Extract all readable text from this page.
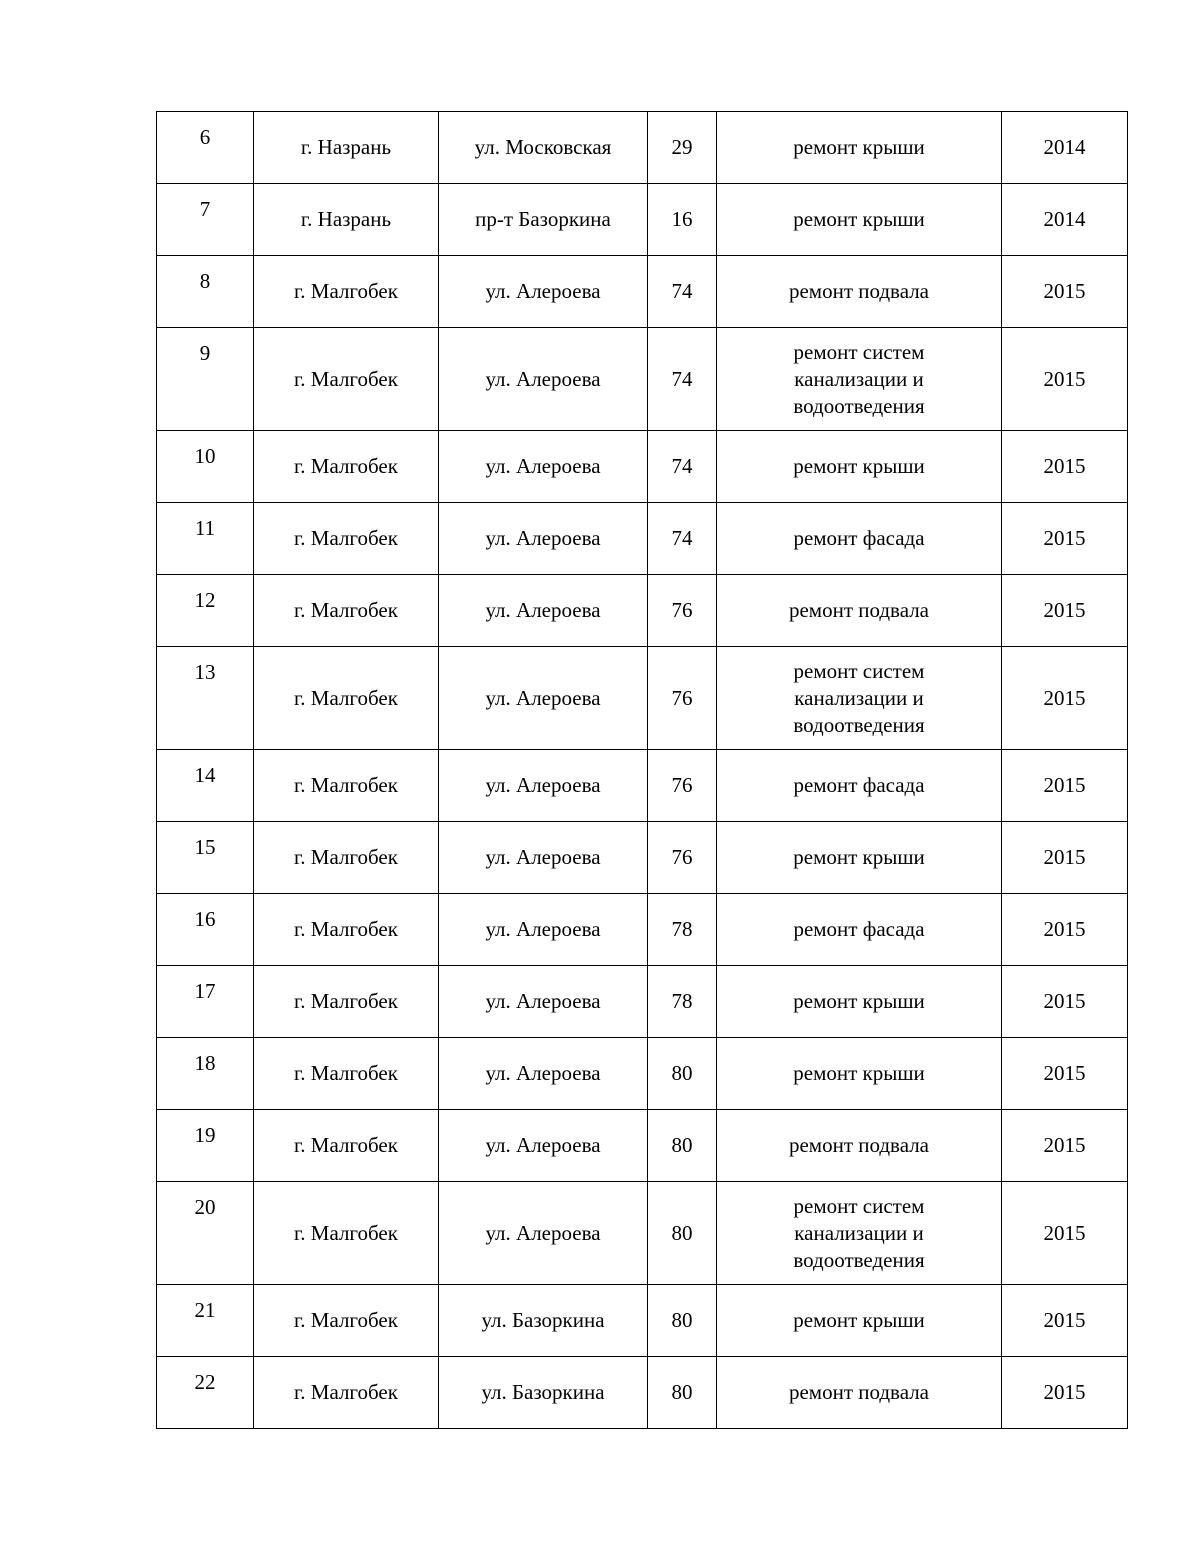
6	г. Назрань	ул. Московская	29	ремонт крыши	2014
7	г. Назрань	пр-т Базоркина	16	ремонт крыши	2014
8	г. Малгобек	ул. Алероева	74	ремонт подвала	2015
9	г. Малгобек	ул. Алероева	74	ремонт систем
канализации и
водоотведения	2015
10	г. Малгобек	ул. Алероева	74	ремонт крыши	2015
11	г. Малгобек	ул. Алероева	74	ремонт фасада	2015
12	г. Малгобек	ул. Алероева	76	ремонт подвала	2015
13	г. Малгобек	ул. Алероева	76	ремонт систем
канализации и
водоотведения	2015
14	г. Малгобек	ул. Алероева	76	ремонт фасада	2015
15	г. Малгобек	ул. Алероева	76	ремонт крыши	2015
16	г. Малгобек	ул. Алероева	78	ремонт фасада	2015
17	г. Малгобек	ул. Алероева	78	ремонт крыши	2015
18	г. Малгобек	ул. Алероева	80	ремонт крыши	2015
19	г. Малгобек	ул. Алероева	80	ремонт подвала	2015
20	г. Малгобек	ул. Алероева	80	ремонт систем
канализации и
водоотведения	2015
21	г. Малгобек	ул. Базоркина	80	ремонт крыши	2015
22	г. Малгобек	ул. Базоркина	80	ремонт подвала	2015
